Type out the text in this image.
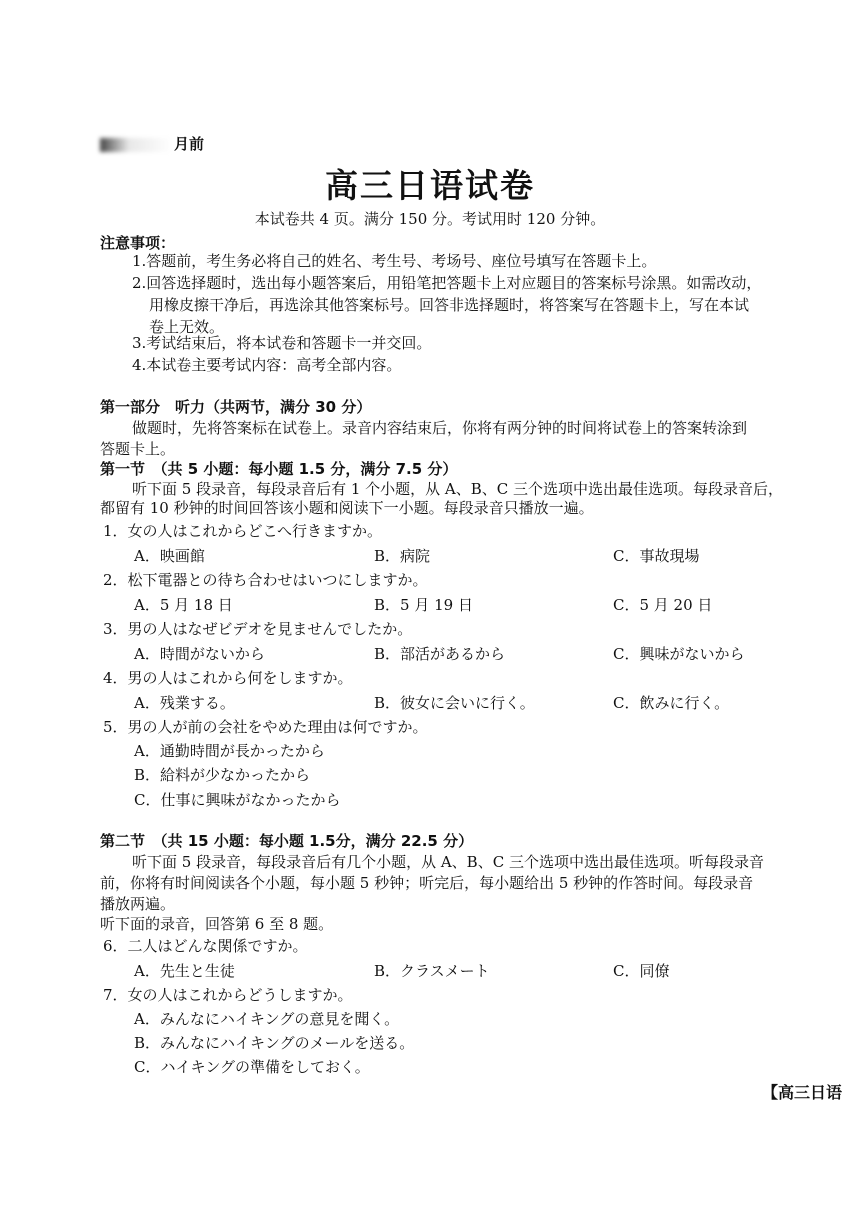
月前
高三日语试卷
本试卷共 4 页。满分 150 分。考试用时 120 分钟。
注意事项：
1.答题前，考生务必将自己的姓名、考生号、考场号、座位号填写在答题卡上。
2.回答选择题时，选出每小题答案后，用铅笔把答题卡上对应题目的答案标号涂黑。如需改动，
用橡皮擦干净后，再选涂其他答案标号。回答非选择题时，将答案写在答题卡上，写在本试
卷上无效。
3.考试结束后，将本试卷和答题卡一并交回。
4.本试卷主要考试内容：高考全部内容。
第一部分　听力（共两节，满分 30 分）
做题时，先将答案标在试卷上。录音内容结束后，你将有两分钟的时间将试卷上的答案转涂到
答题卡上。
第一节　（共 5 小题：每小题 1.5 分，满分 7.5 分）
听下面 5 段录音，每段录音后有 1 个小题，从 A、B、C 三个选项中选出最佳选项。每段录音后，
都留有 10 秒钟的时间回答该小题和阅读下一小题。每段录音只播放一遍。
1．女の人はこれからどこへ行きますか。
A．映画館	B．病院	C．事故現場
2．松下電器との待ち合わせはいつにしますか。
A．5 月 18 日	B．5 月 19 日	C．5 月 20 日
3．男の人はなぜビデオを見ませんでしたか。
A．時間がないから	B．部活があるから	C．興味がないから
4．男の人はこれから何をしますか。
A．残業する。	B．彼女に会いに行く。	C．飲みに行く。
5．男の人が前の会社をやめた理由は何ですか。
A．通勤時間が長かったから
B．給料が少なかったから
C．仕事に興味がなかったから
第二节　（共 15 小题：每小题 1.5分，满分 22.5 分）
听下面 5 段录音，每段录音后有几个小题，从 A、B、C 三个选项中选出最佳选项。听每段录音
前，你将有时间阅读各个小题，每小题 5 秒钟；听完后，每小题给出 5 秒钟的作答时间。每段录音
播放两遍。
听下面的录音，回答第 6 至 8 题。
6．二人はどんな関係ですか。
A．先生と生徒	B．クラスメート	C．同僚
7．女の人はこれからどうしますか。
A．みんなにハイキングの意見を聞く。
B．みんなにハイキングのメールを送る。
C．ハイキングの準備をしておく。
【高三日语
